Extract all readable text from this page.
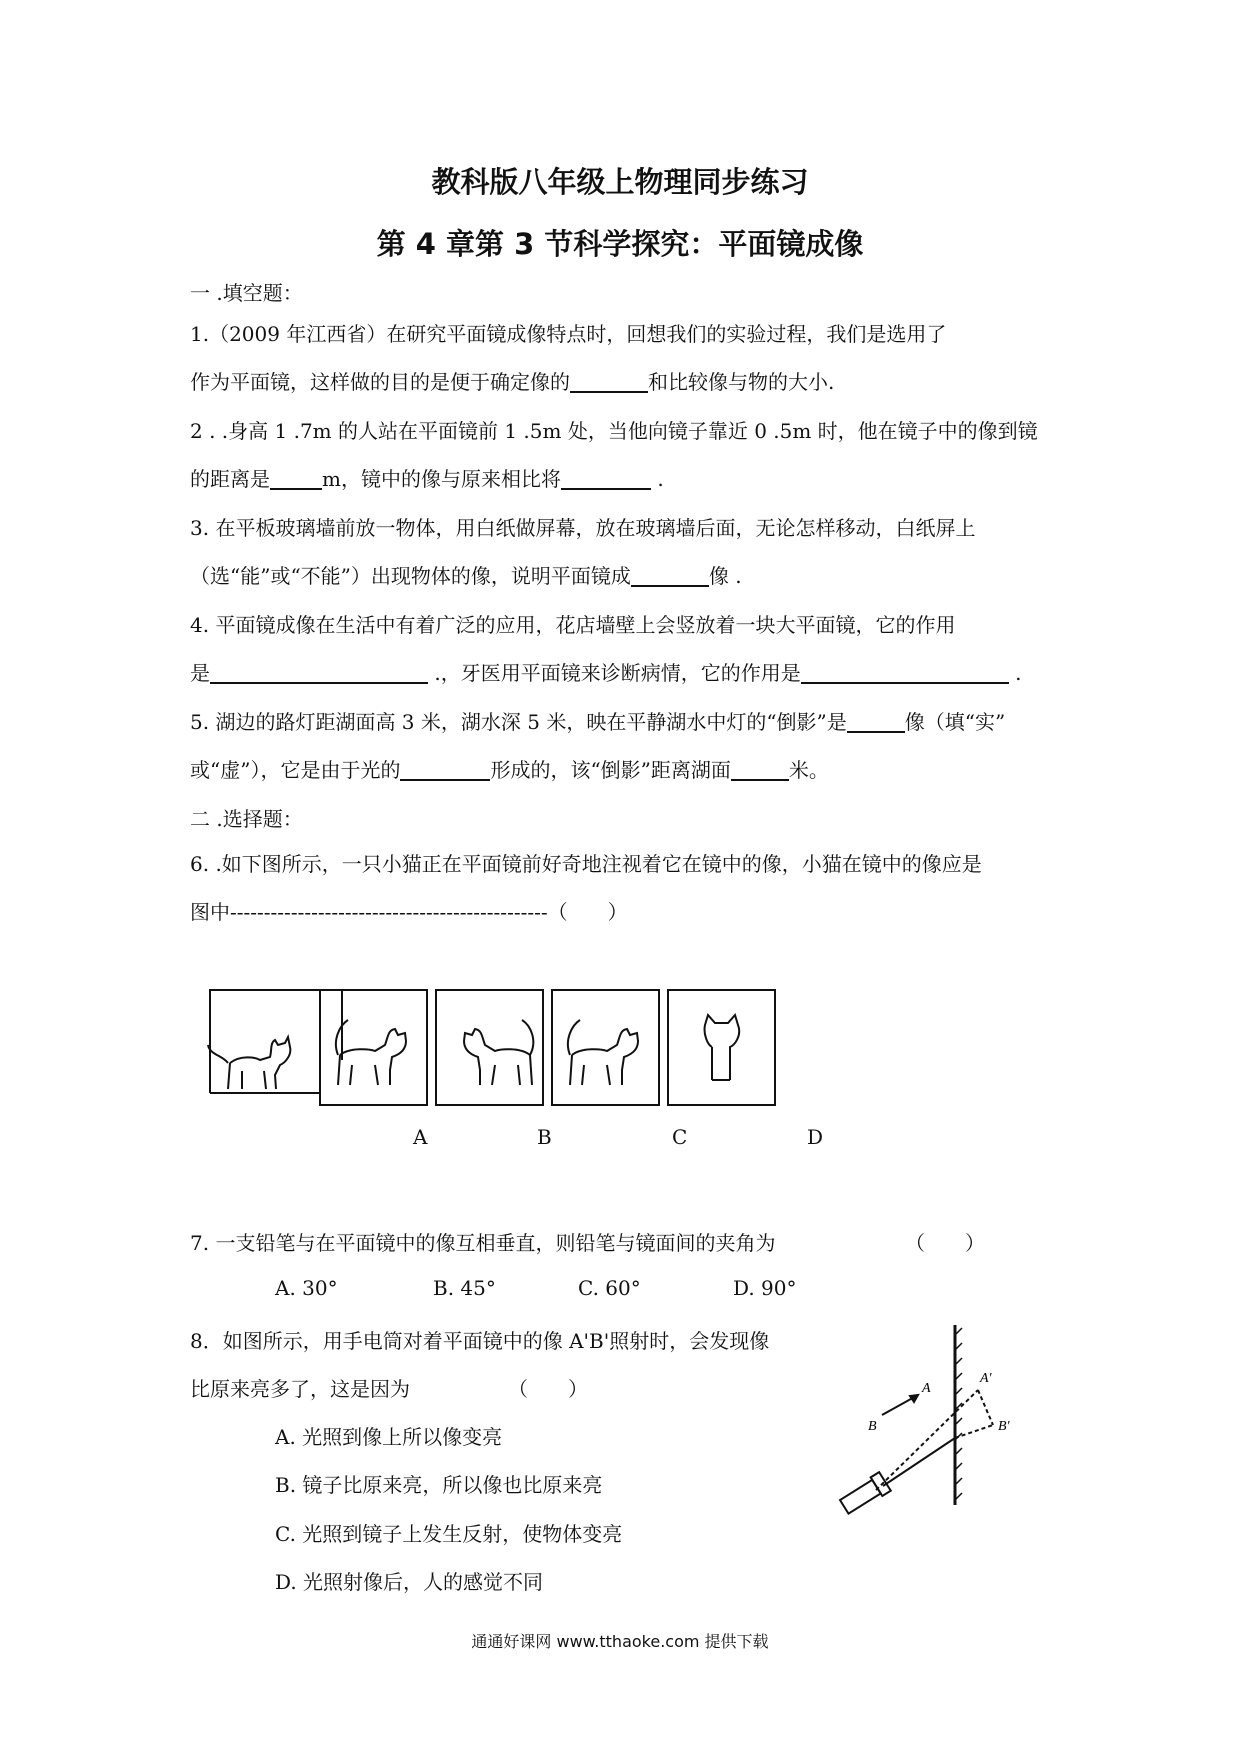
教科版八年级上物理同步练习
第 4 章第 3 节科学探究：平面镜成像
一 .填空题：
1.（2009 年江西省）在研究平面镜成像特点时，回想我们的实验过程，我们是选用了
作为平面镜，这样做的目的是便于确定像的	和比较像与物的大小.
2 . .身高 1 .7m 的人站在平面镜前 1 .5m 处，当他向镜子靠近 0 .5m 时，他在镜子中的像到镜
的距离是	m，镜中的像与原来相比将	.
3. 在平板玻璃墙前放一物体，用白纸做屏幕，放在玻璃墙后面，无论怎样移动，白纸屏上
（选“能”或“不能”）出现物体的像，说明平面镜成	像 .
4. 平面镜成像在生活中有着广泛的应用，花店墙壁上会竖放着一块大平面镜，它的作用
是	.，牙医用平面镜来诊断病情，它的作用是	.
5. 湖边的路灯距湖面高 3 米，湖水深 5 米，映在平静湖水中灯的“倒影”是	像（填“实”
或“虚”），它是由于光的	形成的，该“倒影”距离湖面	米。
二 .选择题：
6. .如下图所示，一只小猫正在平面镜前好奇地注视着它在镜中的像，小猫在镜中的像应是
图中-----------------------------------------------（　　）
A	B	C	D
7. 一支铅笔与在平面镜中的像互相垂直，则铅笔与镜面间的夹角为	（　　）
A. 30°	B. 45°	C. 60°	D. 90°
8．如图所示，用手电筒对着平面镜中的像 A'B'照射时，会发现像
比原来亮多了，这是因为	（　　）
A. 光照到像上所以像变亮
B. 镜子比原来亮，所以像也比原来亮
C. 光照到镜子上发生反射，使物体变亮
D. 光照射像后，人的感觉不同
A
B
A'
B'
通通好课网 www.tthaoke.com 提供下载
